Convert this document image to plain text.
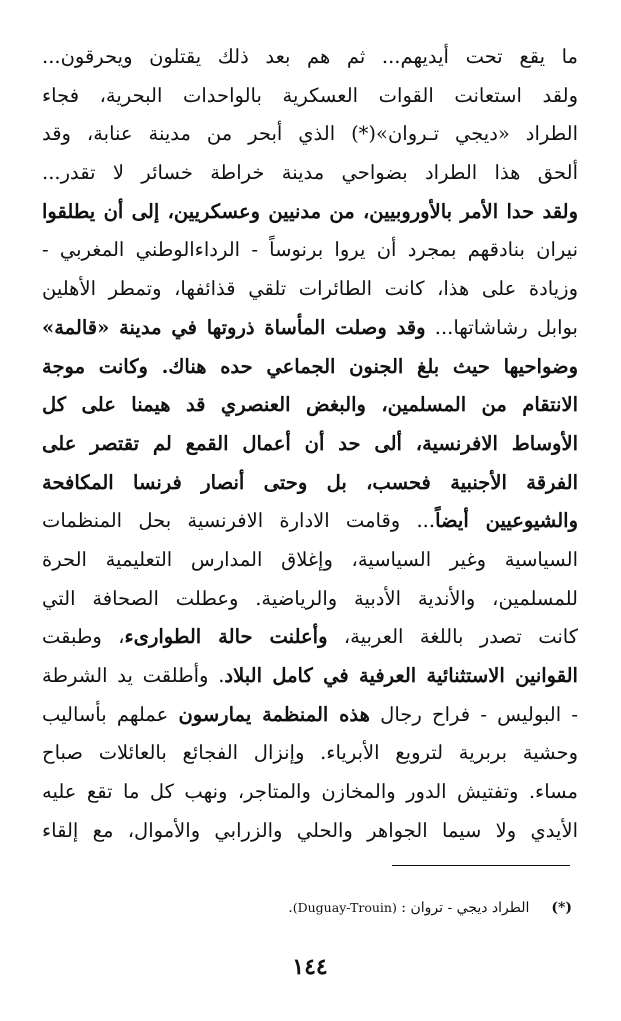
ما يقع تحت أيديهم... ثم هم بعد ذلك يقتلون ويحرقون...
ولقد استعانت القوات العسكرية بالواحدات البحرية، فجاء
الطراد «ديجي تـروان»(*) الذي أبحر من مدينة عنابة، وقد
ألحق هذا الطراد بضواحي مدينة خراطة خسائر لا تقدر...
ولقد حدا الأمر بالأوروبيين، من مدنيين وعسكريين، إلى أن يطلقوا
نيران بنادقهم بمجرد أن يروا برنوساً - الرداءالوطني المغربي -
وزيادة على هذا، كانت الطائرات تلقي قذائفها، وتمطر الأهلين
بوابل رشاشاتها... وقد وصلت المأساة ذروتها في مدينة «قالمة»
وضواحيها حيث بلغ الجنون الجماعي حده هناك. وكانت موجة
الانتقام من المسلمين، والبغض العنصري قد هيمنا على كل
الأوساط الافرنسية، ألى حد أن أعمال القمع لم تقتصر على
الفرقة الأجنبية فحسب، بل وحتى أنصار فرنسا المكافحة
والشيوعيين أيضاً... وقامت الادارة الافرنسية بحل المنظمات
السياسية وغير السياسية، وإغلاق المدارس التعليمية الحرة
للمسلمين، والأندية الأدبية والرياضية. وعطلت الصحافة التي
كانت تصدر باللغة العربية، وأعلنت حالة الطوارىء، وطبقت
القوانين الاستثنائية العرفية في كامل البلاد. وأطلقت يد الشرطة
- البوليس - فراح رجال هذه المنظمة يمارسون عملهم بأساليب
وحشية بربرية لترويع الأبرياء. وإنزال الفجائع بالعائلات صباح
مساء. وتفتيش الدور والمخازن والمتاجر، ونهب كل ما تقع عليه
الأيدي ولا سيما الجواهر والحلي والزرابي والأموال، مع إلقاء
(*)الطراد ديجي - تروان : (Duguay-Trouin).
١٤٤
